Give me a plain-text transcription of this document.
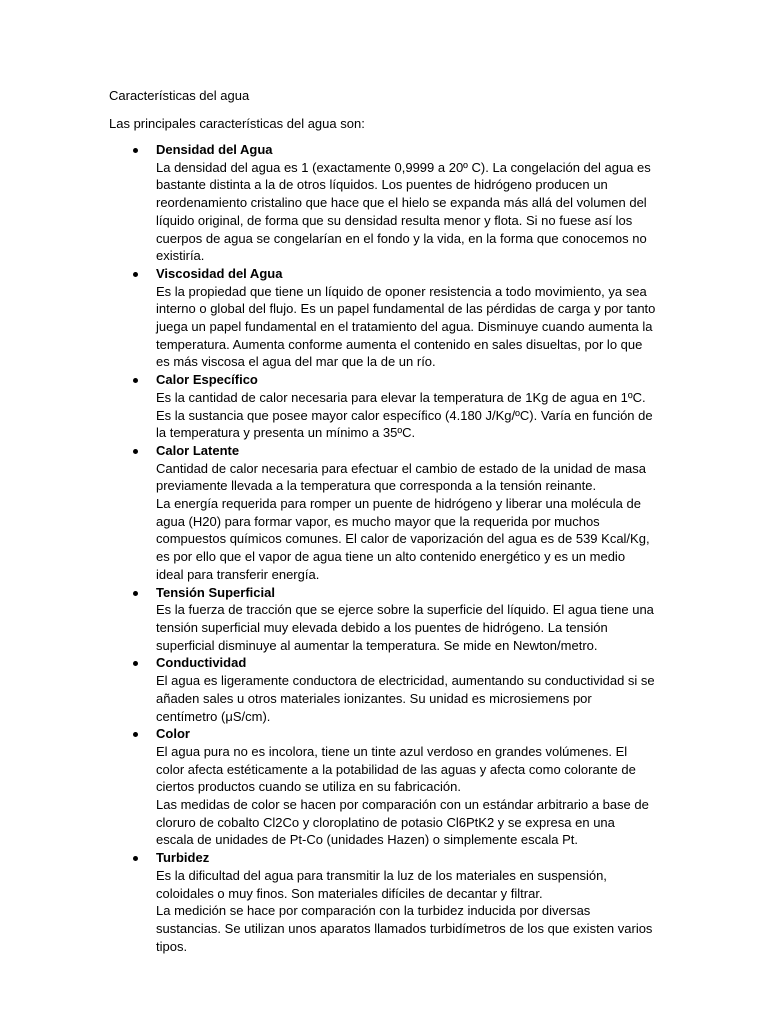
Características del agua
Las principales características del agua son:
Densidad del Agua
La densidad del agua es 1 (exactamente 0,9999 a 20º C). La congelación del agua es bastante distinta a la de otros líquidos. Los puentes de hidrógeno producen un reordenamiento cristalino que hace que el hielo se expanda más allá del volumen del líquido original, de forma que su densidad resulta menor y flota. Si no fuese así los cuerpos de agua se congelarían en el fondo y la vida, en la forma que conocemos no existiría.
Viscosidad del Agua
Es la propiedad que tiene un líquido de oponer resistencia a todo movimiento, ya sea interno o global del flujo. Es un papel fundamental de las pérdidas de carga y por tanto juega un papel fundamental en el tratamiento del agua. Disminuye cuando aumenta la temperatura. Aumenta conforme aumenta el contenido en sales disueltas, por lo que es más viscosa el agua del mar que la de un río.
Calor Específico
Es la cantidad de calor necesaria para elevar la temperatura de 1Kg de agua en 1ºC. Es la sustancia que posee mayor calor específico (4.180 J/Kg/ºC). Varía en función de la temperatura y presenta un mínimo a 35ºC.
Calor Latente
Cantidad de calor necesaria para efectuar el cambio de estado de la unidad de masa previamente llevada a la temperatura que corresponda a la tensión reinante.
La energía requerida para romper un puente de hidrógeno y liberar una molécula de agua (H20) para formar vapor, es mucho mayor que la requerida por muchos compuestos químicos comunes. El calor de vaporización del agua es de 539 Kcal/Kg, es por ello que el vapor de agua tiene un alto contenido energético y es un medio ideal para transferir energía.
Tensión Superficial
Es la fuerza de tracción que se ejerce sobre la superficie del líquido. El agua tiene una tensión superficial muy elevada debido a los puentes de hidrógeno. La tensión superficial disminuye al aumentar la temperatura. Se mide en Newton/metro.
Conductividad
El agua es ligeramente conductora de electricidad, aumentando su conductividad si se añaden sales u otros materiales ionizantes. Su unidad es microsiemens por centímetro (μS/cm).
Color
El agua pura no es incolora, tiene un tinte azul verdoso en grandes volúmenes. El color afecta estéticamente a la potabilidad de las aguas y afecta como colorante de ciertos productos cuando se utiliza en su fabricación.
Las medidas de color se hacen por comparación con un estándar arbitrario a base de cloruro de cobalto Cl2Co y cloroplatino de potasio Cl6PtK2 y se expresa en una escala de unidades de Pt-Co (unidades Hazen) o simplemente escala Pt.
Turbidez
Es la dificultad del agua para transmitir la luz de los materiales en suspensión, coloidales o muy finos. Son materiales difíciles de decantar y filtrar.
La medición se hace por comparación con la turbidez inducida por diversas sustancias. Se utilizan unos aparatos llamados turbidímetros de los que existen varios tipos.
